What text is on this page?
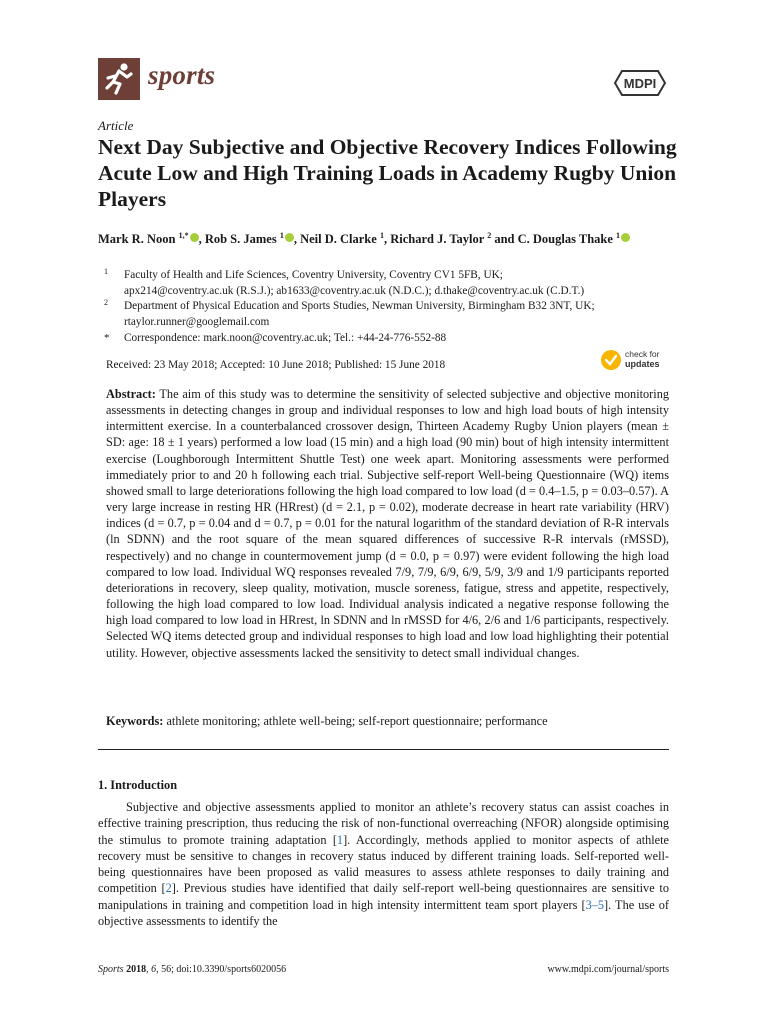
sports	MDPI
Article
Next Day Subjective and Objective Recovery Indices Following Acute Low and High Training Loads in Academy Rugby Union Players
Mark R. Noon $^{1,*}$ , Rob S. James $^1$ , Neil D. Clarke $^1$, Richard J. Taylor $^2$ and C. Douglas Thake $^1$
1 Faculty of Health and Life Sciences, Coventry University, Coventry CV1 5FB, UK;
apx214@coventry.ac.uk (R.S.J.); ab1633@coventry.ac.uk (N.D.C.); d.thake@coventry.ac.uk (C.D.T.)
2 Department of Physical Education and Sports Studies, Newman University, Birmingham B32 3NT, UK;
rtaylor.runner@googlemail.com
* Correspondence: mark.noon@coventry.ac.uk; Tel.: +44-24-776-552-88
Received: 23 May 2018; Accepted: 10 June 2018; Published: 15 June 2018
check for
updates
Abstract: The aim of this study was to determine the sensitivity of selected subjective and objective monitoring assessments in detecting changes in group and individual responses to low and high load bouts of high intensity intermittent exercise. In a counterbalanced crossover design, Thirteen Academy Rugby Union players (mean ± SD: age: 18 ± 1 years) performed a low load (15 min) and a high load (90 min) bout of high intensity intermittent exercise (Loughborough Intermittent Shuttle Test) one week apart. Monitoring assessments were performed immediately prior to and 20 h following each trial. Subjective self-report Well-being Questionnaire (WQ) items showed small to large deteriorations following the high load compared to low load (d = 0.4–1.5, p = 0.03–0.57). A very large increase in resting HR (HRrest) (d = 2.1, p = 0.02), moderate decrease in heart rate variability (HRV) indices (d = 0.7, p = 0.04 and d = 0.7, p = 0.01 for the natural logarithm of the standard deviation of R-R intervals (ln SDNN) and the root square of the mean squared differences of successive R-R intervals (rMSSD), respectively) and no change in countermovement jump (d = 0.0, p = 0.97) were evident following the high load compared to low load. Individual WQ responses revealed 7/9, 7/9, 6/9, 6/9, 5/9, 3/9 and 1/9 participants reported deteriorations in recovery, sleep quality, motivation, muscle soreness, fatigue, stress and appetite, respectively, following the high load compared to low load. Individual analysis indicated a negative response following the high load compared to low load in HRrest, ln SDNN and ln rMSSD for 4/6, 2/6 and 1/6 participants, respectively. Selected WQ items detected group and individual responses to high load and low load highlighting their potential utility. However, objective assessments lacked the sensitivity to detect small individual changes.
Keywords: athlete monitoring; athlete well-being; self-report questionnaire; performance
1. Introduction
Subjective and objective assessments applied to monitor an athlete’s recovery status can assist coaches in effective training prescription, thus reducing the risk of non-functional overreaching (NFOR) alongside optimising the stimulus to promote training adaptation [1]. Accordingly, methods applied to monitor aspects of athlete recovery must be sensitive to changes in recovery status induced by different training loads. Self-reported well-being questionnaires have been proposed as valid measures to assess athlete responses to daily training and competition [2]. Previous studies have identified that daily self-report well-being questionnaires are sensitive to manipulations in training and competition load in high intensity intermittent team sport players [3–5]. The use of objective assessments to identify the
Sports 2018, 6, 56; doi:10.3390/sports6020056	www.mdpi.com/journal/sports
